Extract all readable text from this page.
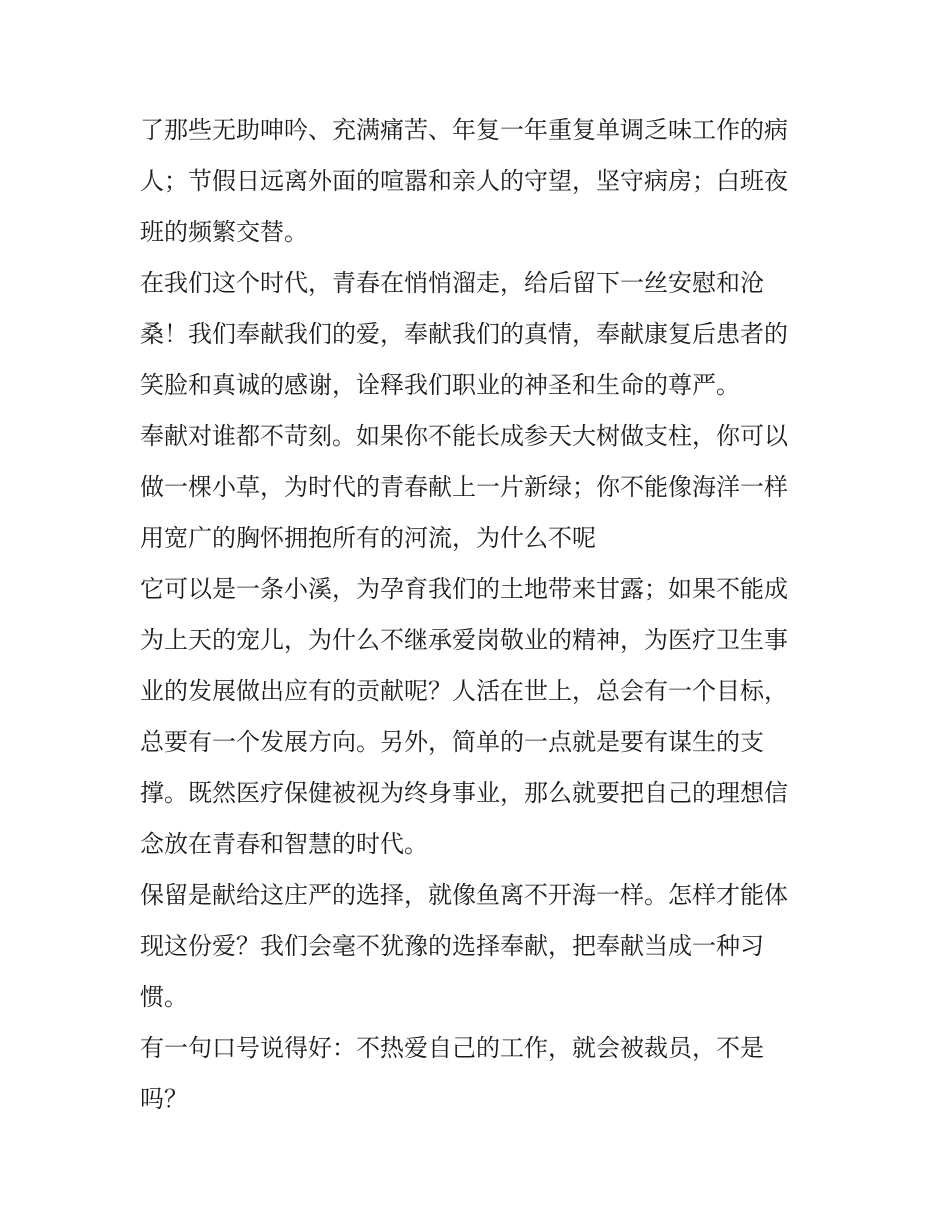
了那些无助呻吟、充满痛苦、年复一年重复单调乏味工作的病
人；节假日远离外面的喧嚣和亲人的守望，坚守病房；白班夜
班的频繁交替。
在我们这个时代，青春在悄悄溜走，给后留下一丝安慰和沧
桑！我们奉献我们的爱，奉献我们的真情，奉献康复后患者的
笑脸和真诚的感谢，诠释我们职业的神圣和生命的尊严。
奉献对谁都不苛刻。如果你不能长成参天大树做支柱，你可以
做一棵小草，为时代的青春献上一片新绿；你不能像海洋一样
用宽广的胸怀拥抱所有的河流，为什么不呢
它可以是一条小溪，为孕育我们的土地带来甘露；如果不能成
为上天的宠儿，为什么不继承爱岗敬业的精神，为医疗卫生事
业的发展做出应有的贡献呢？人活在世上，总会有一个目标，
总要有一个发展方向。另外，简单的一点就是要有谋生的支
撑。既然医疗保健被视为终身事业，那么就要把自己的理想信
念放在青春和智慧的时代。
保留是献给这庄严的选择，就像鱼离不开海一样。怎样才能体
现这份爱？我们会毫不犹豫的选择奉献，把奉献当成一种习
惯。
有一句口号说得好：不热爱自己的工作，就会被裁员，不是
吗？
